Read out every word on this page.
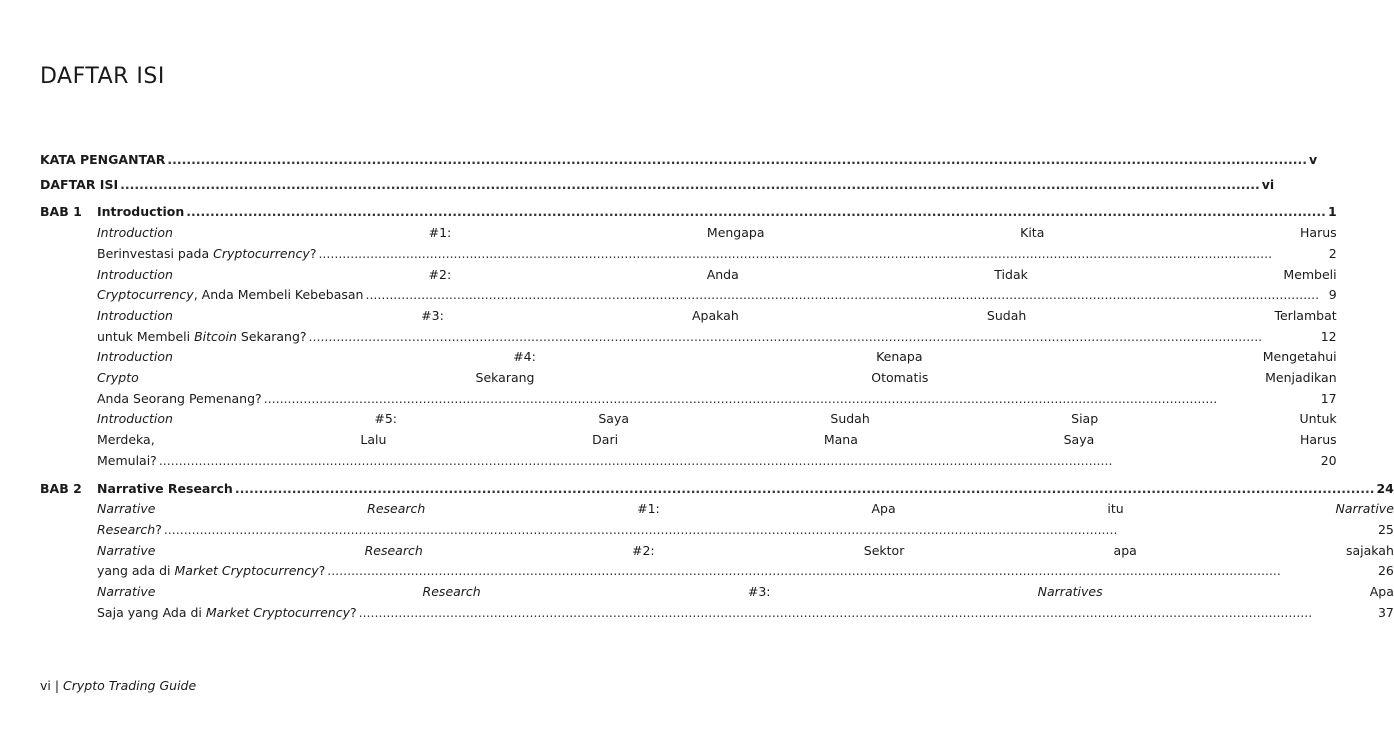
DAFTAR ISI
KATA PENGANTAR .....	v
DAFTAR ISI .....	vi
BAB 1	Introduction .....	1
Introduction #1: Mengapa Kita Harus
Berinvestasi pada Cryptocurrency? .....	2
Introduction #2: Anda Tidak Membeli
Cryptocurrency, Anda Membeli Kebebasan .....	9
Introduction #3: Apakah Sudah Terlambat
untuk Membeli Bitcoin Sekarang? .....	12
Introduction #4: Kenapa Mengetahui
Crypto Sekarang Otomatis Menjadikan
Anda Seorang Pemenang? .....	17
Introduction #5: Saya Sudah Siap Untuk
Merdeka, Lalu Dari Mana Saya Harus
Memulai? .....	20
BAB 2	Narrative Research .....	24
Narrative Research #1: Apa itu Narrative
Research? .....	25
Narrative Research #2: Sektor apa sajakah
yang ada di Market Cryptocurrency? .....	26
Narrative Research #3: Narratives Apa
Saja yang Ada di Market Cryptocurrency? .....	37
vi | Crypto Trading Guide
